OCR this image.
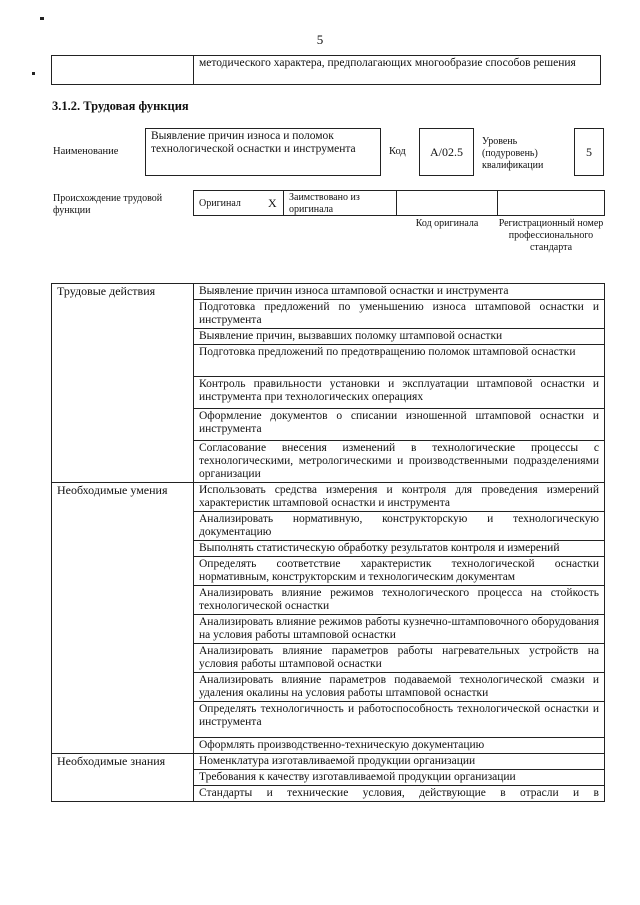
5
	методического характера, предполагающих многообразие способов решения
3.1.2. Трудовая функция
Наименование
Выявление причин износа и поломок технологической оснастки и инструмента	Код	A/02.5
Уровень (подуровень) квалификации
5
Происхождение трудовой функции
Оригинал X Заимствовано из оригинала
Код оригинала	Регистрационный номер профессионального стандарта
Трудовые действия	Выявление причин износа штамповой оснастки и инструмента
	Подготовка предложений по уменьшению износа штамповой оснастки и инструмента
	Выявление причин, вызвавших поломку штамповой оснастки
	Подготовка предложений по предотвращению поломок штамповой оснастки
	Контроль правильности установки и эксплуатации штамповой оснастки и инструмента при технологических операциях
	Оформление документов о списании изношенной штамповой оснастки и инструмента
	Согласование внесения изменений в технологические процессы с технологическими, метрологическими и производственными подразделениями организации
Необходимые умения	Использовать средства измерения и контроля для проведения измерений характеристик штамповой оснастки и инструмента
	Анализировать нормативную, конструкторскую и технологическую документацию
	Выполнять статистическую обработку результатов контроля и измерений
	Определять соответствие характеристик технологической оснастки нормативным, конструкторским и технологическим документам
	Анализировать влияние режимов технологического процесса на стойкость технологической оснастки
	Анализировать влияние режимов работы кузнечно-штамповочного оборудования на условия работы штамповой оснастки
	Анализировать влияние параметров работы нагревательных устройств на условия работы штамповой оснастки
	Анализировать влияние параметров подаваемой технологической смазки и удаления окалины на условия работы штамповой оснастки
	Определять технологичность и работоспособность технологической оснастки и инструмента
	Оформлять производственно-техническую документацию
Необходимые знания	Номенклатура изготавливаемой продукции организации
	Требования к качеству изготавливаемой продукции организации
	Стандарты и технические условия, действующие в отрасли и в
